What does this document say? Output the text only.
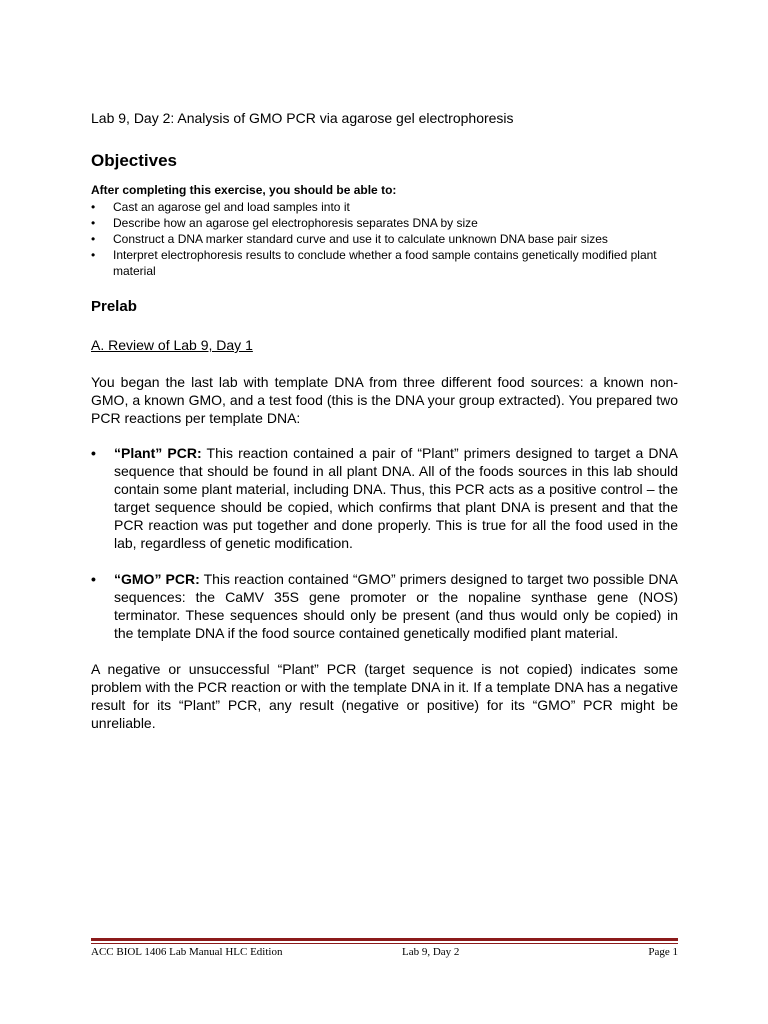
Lab 9, Day 2: Analysis of GMO PCR via agarose gel electrophoresis

Objectives

After completing this exercise, you should be able to:

• Cast an agarose gel and load samples into it
• Describe how an agarose gel electrophoresis separates DNA by size
• Construct a DNA marker standard curve and use it to calculate unknown DNA base pair sizes
• Interpret electrophoresis results to conclude whether a food sample contains genetically modified plant material
Prelab

A. Review of Lab 9, Day 1

You began the last lab with template DNA from three different food sources: a known non-GMO, a known GMO, and a test food (this is the DNA your group extracted). You prepared two PCR reactions per template DNA:

• “Plant” PCR: This reaction contained a pair of “Plant” primers designed to target a DNA sequence that should be found in all plant DNA. All of the foods sources in this lab should contain some plant material, including DNA. Thus, this PCR acts as a positive control – the target sequence should be copied, which confirms that plant DNA is present and that the PCR reaction was put together and done properly. This is true for all the food used in the lab, regardless of genetic modification.
• “GMO” PCR: This reaction contained “GMO” primers designed to target two possible DNA sequences: the CaMV 35S gene promoter or the nopaline synthase gene (NOS) terminator. These sequences should only be present (and thus would only be copied) in the template DNA if the food source contained genetically modified plant material.

A negative or unsuccessful “Plant” PCR (target sequence is not copied) indicates some problem with the PCR reaction or with the template DNA in it. If a template DNA has a negative result for its “Plant” PCR, any result (negative or positive) for its “GMO” PCR might be unreliable.

ACC BIOL 1406 Lab Manual HLC Edition	Lab 9, Day 2	Page 1
